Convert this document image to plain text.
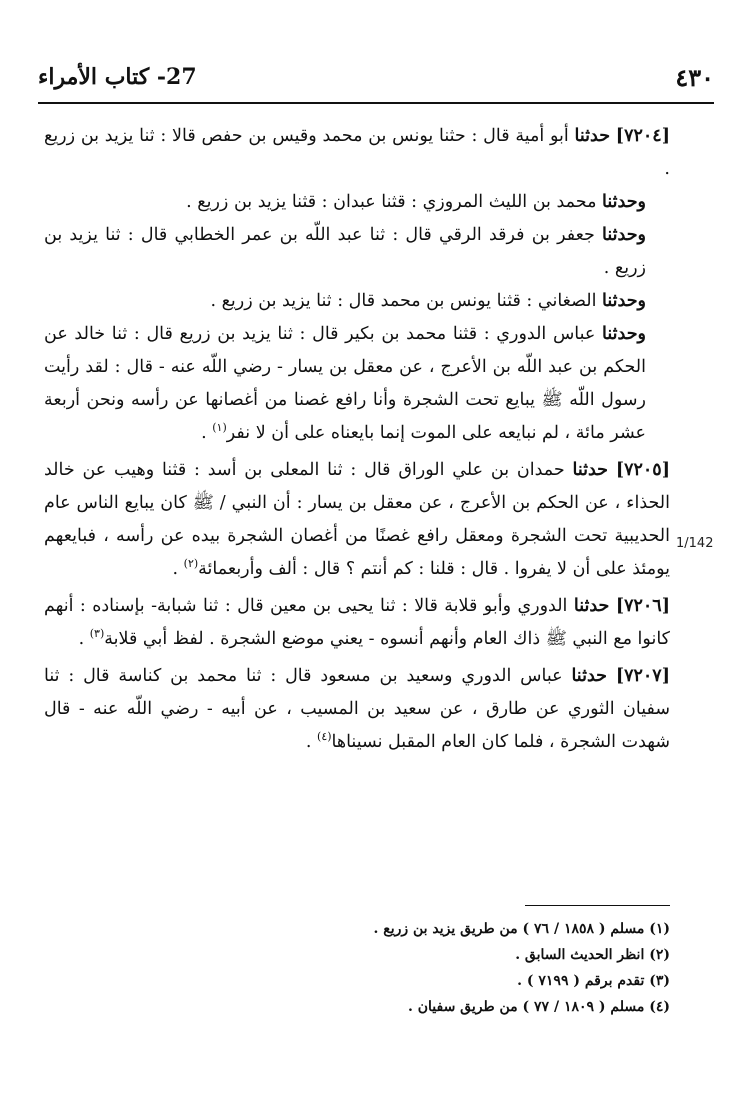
٤٣٠
27- كتاب الأمراء
1/142

[٧٢٠٤] حدثنا أبو أمية قال : حثنا يونس بن محمد وقيس بن حفص قالا : ثنا يزيد بن زريع .

وحدثنا محمد بن الليث المروزي : قثنا عبدان : قثنا يزيد بن زريع .

وحدثنا جعفر بن فرقد الرقي قال : ثنا عبد اللّه بن عمر الخطابي قال : ثنا يزيد بن زريع .

وحدثنا الصغاني : قثنا يونس بن محمد قال : ثنا يزيد بن زريع .

وحدثنا عباس الدوري : قثنا محمد بن بكير قال : ثنا يزيد بن زريع قال : ثنا خالد عن الحكم بن عبد اللّه بن الأعرج ، عن معقل بن يسار - رضي اللّه عنه - قال : لقد رأيت رسول اللّه ﷺ يبايع تحت الشجرة وأنا رافع غصنا من أغصانها عن رأسه ونحن أربعة عشر مائة ، لم نبايعه على الموت إنما بايعناه على أن لا نفر$^{(١)}$ .

[٧٢٠٥] حدثنا حمدان بن علي الوراق قال : ثنا المعلى بن أسد : قثنا وهيب عن خالد الحذاء ، عن الحكم بن الأعرج ، عن معقل بن يسار : أن النبي / ﷺ كان يبايع الناس عام الحديبية تحت الشجرة ومعقل رافع غصنًا من أغصان الشجرة بيده عن رأسه ، فبايعهم يومئذ على أن لا يفروا . قال : قلنا : كم أنتم ؟ قال : ألف وأربعمائة$^{(٢)}$ .

[٧٢٠٦] حدثنا الدوري وأبو قلابة قالا : ثنا يحيى بن معين قال : ثنا شبابة- بإسناده : أنهم كانوا مع النبي ﷺ ذاك العام وأنهم أنسوه - يعني موضع الشجرة . لفظ أبي قلابة$^{(٣)}$ .

[٧٢٠٧] حدثنا عباس الدوري وسعيد بن مسعود قال : ثنا محمد بن كناسة قال : ثنا سفيان الثوري عن طارق ، عن سعيد بن المسيب ، عن أبيه - رضي اللّه عنه - قال شهدت الشجرة ، فلما كان العام المقبل نسيناها$^{(٤)}$ .

(١) مسلم ( ١٨٥٨ / ٧٦ ) من طريق يزيد بن زريع .

(٢) انظر الحديث السابق .

(٣) تقدم برقم ( ٧١٩٩ ) .

(٤) مسلم ( ١٨٠٩ / ٧٧ ) من طريق سفيان .
